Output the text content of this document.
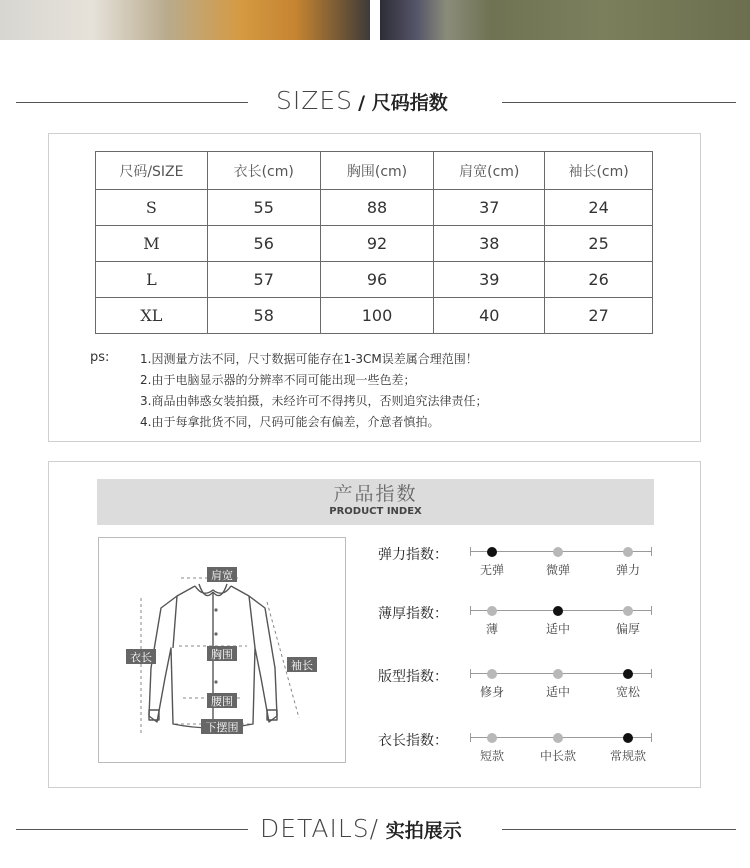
SIZES / 尺码指数
尺码/SIZE	衣长(cm)	胸围(cm)	肩宽(cm)	袖长(cm)
S	55	88	37	24
M	56	92	38	25
L	57	96	39	26
XL	58	100	40	27
ps:	1.因测量方法不同，尺寸数据可能存在1-3CM误差属合理范围！
2.由于电脑显示器的分辨率不同可能出现一些色差；
3.商品由韩惑女装拍摄，未经许可不得拷贝，否则追究法律责任；
4.由于每拿批货不同，尺码可能会有偏差，介意者慎拍。
产品指数
PRODUCT INDEX
肩宽
衣长	胸围
袖长
腰围
下摆围
弹力指数：
无弹	微弹	弹力
薄厚指数：
薄	适中	偏厚
版型指数：
修身	适中	宽松
衣长指数：
短款	中长款	常规款
DETAILS/ 实拍展示
